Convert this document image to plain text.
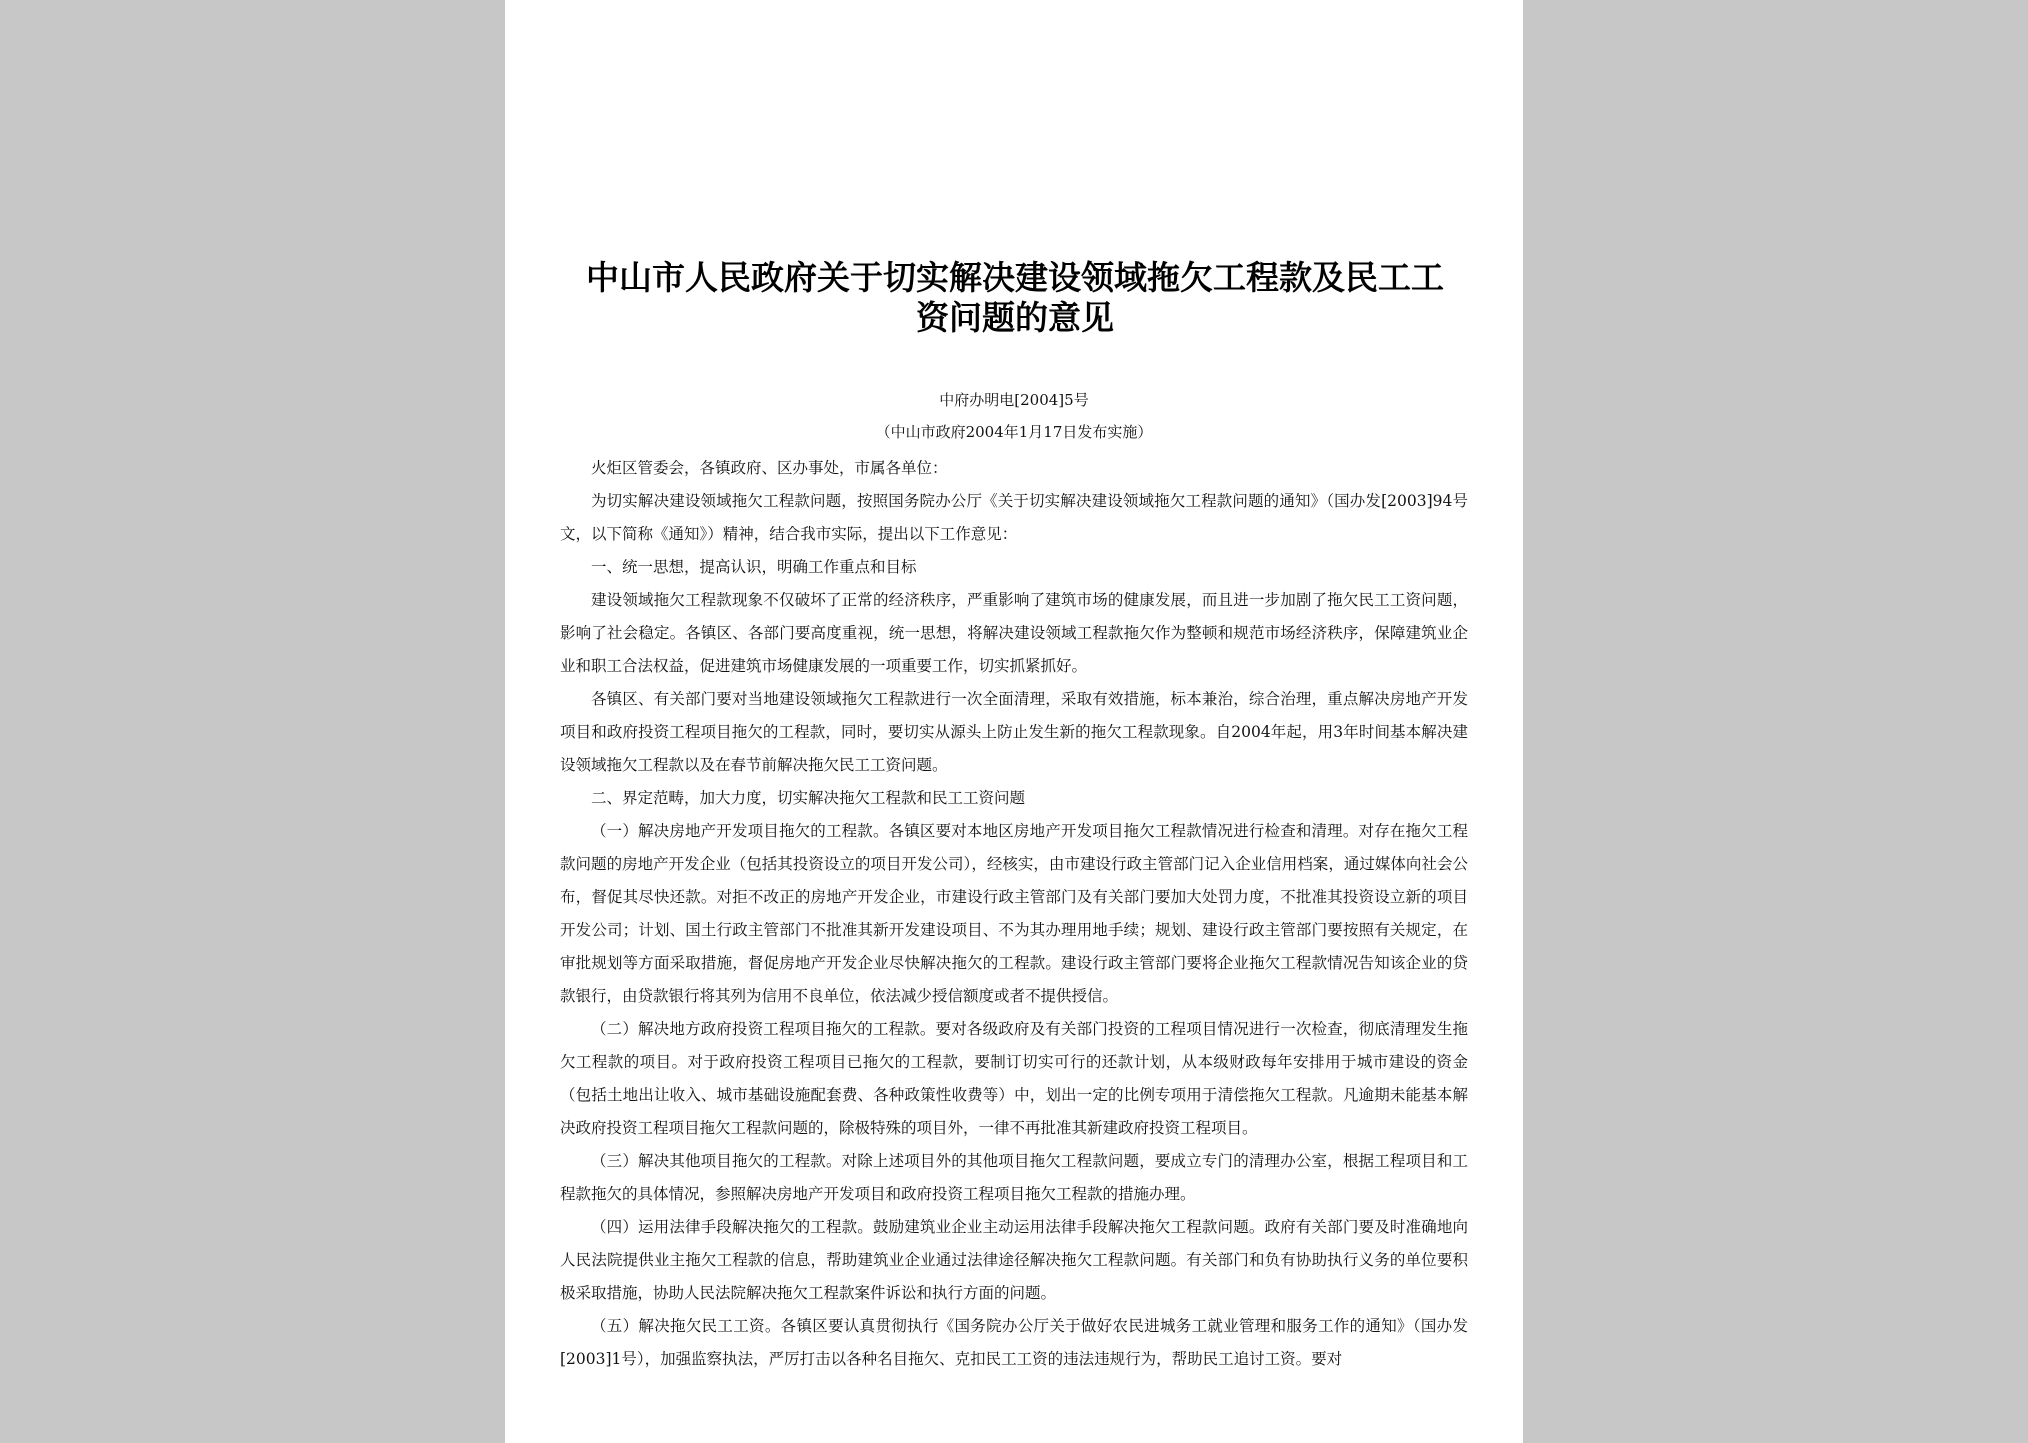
中山市人民政府关于切实解决建设领域拖欠工程款及民工工资问题的意见
中府办明电[2004]5号
（中山市政府2004年1月17日发布实施）

火炬区管委会，各镇政府、区办事处，市属各单位：

为切实解决建设领域拖欠工程款问题，按照国务院办公厅《关于切实解决建设领域拖欠工程款问题的通知》（国办发[2003]94号文，以下简称《通知》）精神，结合我市实际，提出以下工作意见：

一、统一思想，提高认识，明确工作重点和目标

建设领域拖欠工程款现象不仅破坏了正常的经济秩序，严重影响了建筑市场的健康发展，而且进一步加剧了拖欠民工工资问题，影响了社会稳定。各镇区、各部门要高度重视，统一思想，将解决建设领域工程款拖欠作为整顿和规范市场经济秩序，保障建筑业企业和职工合法权益，促进建筑市场健康发展的一项重要工作，切实抓紧抓好。

各镇区、有关部门要对当地建设领域拖欠工程款进行一次全面清理，采取有效措施，标本兼治，综合治理，重点解决房地产开发项目和政府投资工程项目拖欠的工程款，同时，要切实从源头上防止发生新的拖欠工程款现象。自2004年起，用3年时间基本解决建设领域拖欠工程款以及在春节前解决拖欠民工工资问题。

二、界定范畴，加大力度，切实解决拖欠工程款和民工工资问题

（一）解决房地产开发项目拖欠的工程款。各镇区要对本地区房地产开发项目拖欠工程款情况进行检查和清理。对存在拖欠工程款问题的房地产开发企业（包括其投资设立的项目开发公司），经核实，由市建设行政主管部门记入企业信用档案，通过媒体向社会公布，督促其尽快还款。对拒不改正的房地产开发企业，市建设行政主管部门及有关部门要加大处罚力度，不批准其投资设立新的项目开发公司；计划、国土行政主管部门不批准其新开发建设项目、不为其办理用地手续；规划、建设行政主管部门要按照有关规定，在审批规划等方面采取措施，督促房地产开发企业尽快解决拖欠的工程款。建设行政主管部门要将企业拖欠工程款情况告知该企业的贷款银行，由贷款银行将其列为信用不良单位，依法减少授信额度或者不提供授信。

（二）解决地方政府投资工程项目拖欠的工程款。要对各级政府及有关部门投资的工程项目情况进行一次检查，彻底清理发生拖欠工程款的项目。对于政府投资工程项目已拖欠的工程款，要制订切实可行的还款计划，从本级财政每年安排用于城市建设的资金（包括土地出让收入、城市基础设施配套费、各种政策性收费等）中，划出一定的比例专项用于清偿拖欠工程款。凡逾期未能基本解决政府投资工程项目拖欠工程款问题的，除极特殊的项目外，一律不再批准其新建政府投资工程项目。

（三）解决其他项目拖欠的工程款。对除上述项目外的其他项目拖欠工程款问题，要成立专门的清理办公室，根据工程项目和工程款拖欠的具体情况，参照解决房地产开发项目和政府投资工程项目拖欠工程款的措施办理。

（四）运用法律手段解决拖欠的工程款。鼓励建筑业企业主动运用法律手段解决拖欠工程款问题。政府有关部门要及时准确地向人民法院提供业主拖欠工程款的信息，帮助建筑业企业通过法律途径解决拖欠工程款问题。有关部门和负有协助执行义务的单位要积极采取措施，协助人民法院解决拖欠工程款案件诉讼和执行方面的问题。

（五）解决拖欠民工工资。各镇区要认真贯彻执行《国务院办公厅关于做好农民进城务工就业管理和服务工作的通知》（国办发[2003]1号），加强监察执法，严厉打击以各种名目拖欠、克扣民工工资的违法违规行为，帮助民工追讨工资。要对
